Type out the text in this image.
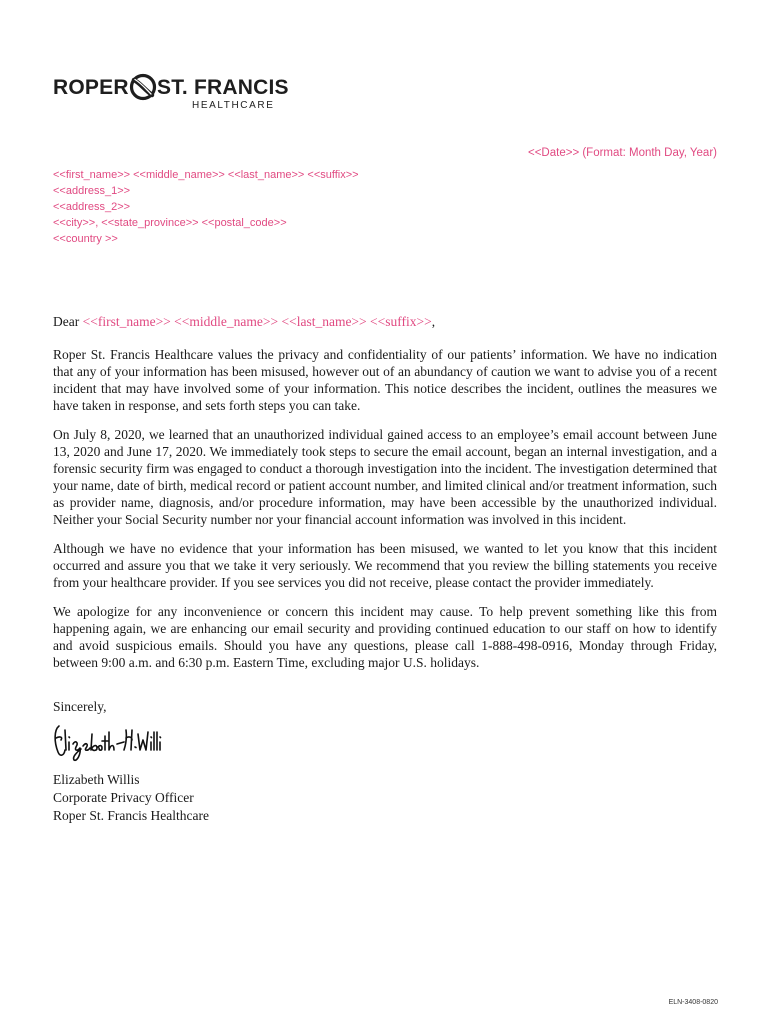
ROPER ST. FRANCIS
HEALTHCARE
<<Date>> (Format: Month Day, Year)
<<first_name>> <<middle_name>> <<last_name>> <<suffix>>
<<address_1>>
<<address_2>>
<<city>>, <<state_province>> <<postal_code>>
<<country >>
Dear <<first_name>> <<middle_name>> <<last_name>> <<suffix>>,

Roper St. Francis Healthcare values the privacy and confidentiality of our patients’ information. We have no indication that any of your information has been misused, however out of an abundancy of caution we want to advise you of a recent incident that may have involved some of your information. This notice describes the incident, outlines the measures we have taken in response, and sets forth steps you can take.

On July 8, 2020, we learned that an unauthorized individual gained access to an employee’s email account between June 13, 2020 and June 17, 2020. We immediately took steps to secure the email account, began an internal investigation, and a forensic security firm was engaged to conduct a thorough investigation into the incident. The investigation determined that your name, date of birth, medical record or patient account number, and limited clinical and/or treatment information, such as provider name, diagnosis, and/or procedure information, may have been accessible by the unauthorized individual. Neither your Social Security number nor your financial account information was involved in this incident.

Although we have no evidence that your information has been misused, we wanted to let you know that this incident occurred and assure you that we take it very seriously. We recommend that you review the billing statements you receive from your healthcare provider. If you see services you did not receive, please contact the provider immediately.

We apologize for any inconvenience or concern this incident may cause. To help prevent something like this from happening again, we are enhancing our email security and providing continued education to our staff on how to identify and avoid suspicious emails. Should you have any questions, please call 1-888-498-0916, Monday through Friday, between 9:00 a.m. and 6:30 p.m. Eastern Time, excluding major U.S. holidays.

Sincerely,
Elizabeth Willis
Corporate Privacy Officer
Roper St. Francis Healthcare
ELN-3408-0820
